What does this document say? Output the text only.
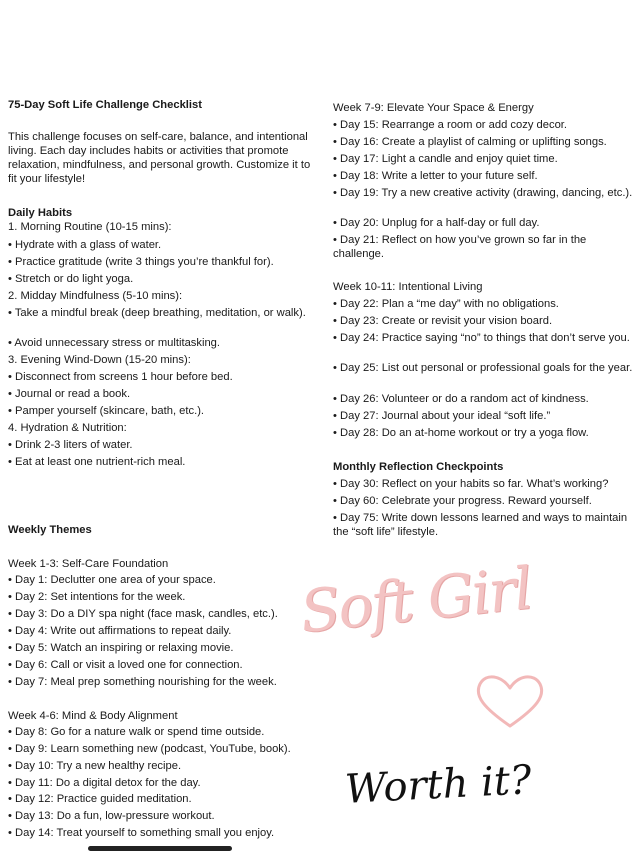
75-Day Soft Life Challenge Checklist
This challenge focuses on self-care, balance, and intentional living. Each day includes habits or activities that promote relaxation, mindfulness, and personal growth. Customize it to fit your lifestyle!
Daily Habits
1. Morning Routine (10-15 mins):
• Hydrate with a glass of water.
• Practice gratitude (write 3 things you’re thankful for).
• Stretch or do light yoga.
2. Midday Mindfulness (5-10 mins):
• Take a mindful break (deep breathing, meditation, or walk).
• Avoid unnecessary stress or multitasking.
3. Evening Wind-Down (15-20 mins):
• Disconnect from screens 1 hour before bed.
• Journal or read a book.
• Pamper yourself (skincare, bath, etc.).
4. Hydration & Nutrition:
• Drink 2-3 liters of water.
• Eat at least one nutrient-rich meal.
Weekly Themes
Week 1-3: Self-Care Foundation
• Day 1: Declutter one area of your space.
• Day 2: Set intentions for the week.
• Day 3: Do a DIY spa night (face mask, candles, etc.).
• Day 4: Write out affirmations to repeat daily.
• Day 5: Watch an inspiring or relaxing movie.
• Day 6: Call or visit a loved one for connection.
• Day 7: Meal prep something nourishing for the week.
Week 4-6: Mind & Body Alignment
• Day 8: Go for a nature walk or spend time outside.
• Day 9: Learn something new (podcast, YouTube, book).
• Day 10: Try a new healthy recipe.
• Day 11: Do a digital detox for the day.
• Day 12: Practice guided meditation.
• Day 13: Do a fun, low-pressure workout.
• Day 14: Treat yourself to something small you enjoy.
Week 7-9: Elevate Your Space & Energy
• Day 15: Rearrange a room or add cozy decor.
• Day 16: Create a playlist of calming or uplifting songs.
• Day 17: Light a candle and enjoy quiet time.
• Day 18: Write a letter to your future self.
• Day 19: Try a new creative activity (drawing, dancing, etc.).
• Day 20: Unplug for a half-day or full day.
• Day 21: Reflect on how you’ve grown so far in the challenge.
Week 10-11: Intentional Living
• Day 22: Plan a “me day” with no obligations.
• Day 23: Create or revisit your vision board.
• Day 24: Practice saying “no” to things that don’t serve you.
• Day 25: List out personal or professional goals for the year.
• Day 26: Volunteer or do a random act of kindness.
• Day 27: Journal about your ideal “soft life.”
• Day 28: Do an at-home workout or try a yoga flow.
Monthly Reflection Checkpoints
• Day 30: Reflect on your habits so far. What’s working?
• Day 60: Celebrate your progress. Reward yourself.
• Day 75: Write down lessons learned and ways to maintain the “soft life” lifestyle.
Soft Girl
Worth it?
